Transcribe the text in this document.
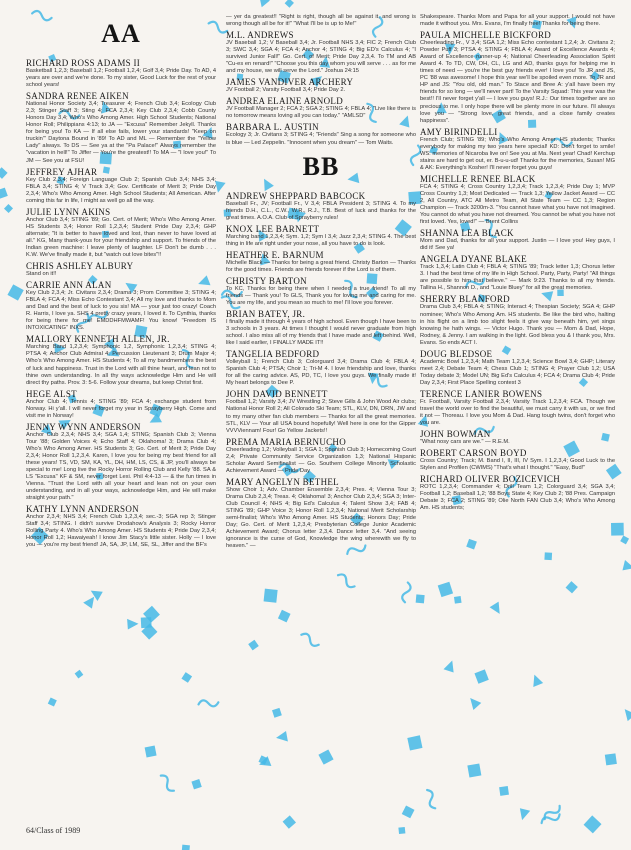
AA
RICHARD ROSS ADAMS II
Basketball 1,2,3; Baseball 1,2; Football 1,2,4; Golf 3,4; Pride Day. To AD, 4 years are over and we're done. To my sister, Good Luck for the rest of your school years!
SANDRA RENEE AIKEN
National Honor Society 3,4; Treasurer 4; French Club 3,4; Ecology Club 2,3; Stinger Staff 3; Sting 4; FCA 2,3,4; Key Club 2,3,4; Cobb County Honors Day 3,4; Who's Who Among Amer. High School Students; National Honor Roll; Philippians 4:13; to JA — "Excusa" Remember Jekyll. Thanks for being you! To KA — If all else fails, lower your standards! "Keep on truckin'" Daytona Bound in '89! To AD and ML — Remember the "Yellow Lady" always. To DS — See ya at the "Pa Palace!" Always remember the "vacation in hell!" To Jiffer — You're the greatest!! To MA — "I love you!" To JM — See you at FSU!
JEFFREY AJHAR
Key Club 2,3,4; Foreign Language Club 2; Spanish Club 3,4; NHS 3,4; FBLA 3,4; STING 4; V Track 3,4; Gov. Certificate of Merit 3; Pride Day 2,3,4; Who's Who Among Amer. High School Students; All American. After coming this far in life, I might as well go all the way.
JULIE LYNN AKINS
Anchor Club 3,4; STING '89; Go. Cert. of Merit; Who's Who Among Amer. HS Students 3,4; Honor Roll 1,2,3,4; Student Pride Day 2,3,4; GHP alternate; "It is better to have loved and lost, than never to have loved at all." KG, Many thank-yous for your friendship and support. To friends of the Indian green machine: I leave plenty of laughter. LF Don't be dumb . . . K.W. We've finally made it, but "watch out love bites"!!
CHRIS ASHLEY ALBURY
Stand on it!!
CARRIE ANN ALAN
Key Club 2,3,4; Jr. Civitans 2,3,4; Drama 3; Prom Committee 3; STING 4; FBLA 4; FCA 4; Miss Echo Contestant 3,4; All my love and thanks to Mom and Dad and the best of luck to you sis! MA — your just too crazy! Coach R. Harris, I love ya. SHS 4 pretty crazy years, I loved it. To Cynthia, thanks for being there for me! EMDDHFMWAMF! You know! "Freedom IS INTOXICATING" INXS.
MALLORY KENNETH ALLEN, JR.
Marching Band 1,2,3,4; Symphonic 1,2, Symphonic 1,2,3,4; STING 4; PTSA 4; Anchor Club Admiral 4; Percussion Lieutenant 3; Drum Major 4; Who's Who Among Amer. HS Students 4; To all my bandmembers the best of luck and happiness. Trust in the Lord with all thine heart, and lean not to thine own understanding. In all thy ways acknowledge Him and He will direct thy paths. Prov. 3: 5-6. Follow your dreams, but keep Christ first.
HEGE ALST
Anchor Club 4; Tennis 4; STING '89; FCA 4; exchange student from Norway. Hi y'all. I will never forget my year in Sprayberry High. Come and visit me in Norway!
JENNY WYNN ANDERSON
Anchor Club 2,3,4; NHS 3,4; SGA 1,4; STING; Spanish Club 3; Vienna Tour '88; Golden Voices 4; Echo Staff 4; Oklahoma! 3; Drama Club 4; Who's Who Among Amer. HS Students 3; Go. Cert. of Merit 3; Pride Day 2,3,4; Honor Roll 1,2,3,4. Karen, I love you for being my best friend for all these years! TS, VD, SM, KA, YL, DH, HM, LS, CS, & JP, you'll always be special to me! Long live the Rocky Horror Rolling Club and Kelly '88. SA & LS "Excusa" KF & SM, never forget Lexi. Phil 4:4-13 — & the fun times in Vienna. "Trust the Lord with all your heart and lean not on your own understanding, and in all your ways, acknowledge Him, and He will make straight your path."
KATHY LYNN ANDERSON
Anchor 2,3,4; NHS 3,4; French Club 1,2,3,4; sec.-3; SGA rep 3; Stinger Staff 3,4; STING. I didn't survive Drodahow's Analysis 3; Rocky Horror Rolling Party 4. Who's Who Among Amer. HS Students 4; Pride Day 2,3,4; Honor Roll 1,2; Hawaiyeah! I know Jim Stacy's little sister. Holly — I love you — you're my best friend! JA, SA, JP, LM, SE, SL, Jiffer and the BF's
— yer da greatest!! "Right is right, though all be against it, and wrong is wrong though all be for it!" "What I'll be is up to Me!"
M.L. ANDREWS
JV Baseball 1,2; V Baseball 3,4; Jr. Football NHS 3,4; FIC 2; French Club 3; SWC 3,4; SGA 4; FCA 4; Anchor 4; STING 4; Big ED's Calculus 4; "I survived Junior Fall!" Go. Cert. of Merit; Pride Day 2,3,4. To TM and AB "Cu-es en renard!" "Choose you this day whom you will serve . . . as for me and my house, we will serve the Lord." Joshua 24:15
JAMES VANDIVER ARCHERY
JV Football 2; Varsity Football 3,4; Pride Day 2.
ANDREA ELAINE ARNOLD
JV Football Manager 2; FCA 2; SGA 2; STING 4; FBLA 4; "Live like there is no tomorrow means loving all you can today." "AMLSD"
BARBARA L. AUSTIN
Ecology 3; Jr. Civitans 3; STING 4; "Friends" Sing a song for someone who is blue — Led Zeppelin. "Innocent when you dream" — Tom Waits.
BB
ANDREW SHEPPARD BABCOCK
Baseball Fr., JV; Football Fr., V 3,4; FBLA President 3; STING 4. To my friends D.H., C.L., C.W., W.R., R.J., T.B. Best of luck and thanks for the great times. A.O.A. Club of Sprayberry rules!
KNOX LEE BARNETT
Marching band 1,2,3,4; Sym. 1,2; Sym I 3,4; Jazz 2,3,4; STING 4. The best thing in life are right under your nose, all you have to do is look.
HEATHER E. BARNUM
Michelle Black — Thanks for being a great friend. Christy Barton — Thanks for the good times. Friends are friends forever if the Lord is of them.
CHRISTY BARTON
To KC, Thanks for being there when I needed a true friend! To all my friends — Thank you! To GLS, Thank you for loving me and caring for me. You are my life, and you mean so much to me! I'll love you forever.
BRIAN BATEY, JR.
I finally made it through 4 years of high school. Even though I have been to 3 schools in 3 years. At times I thought I would never graduate from high school. I also miss all of my friends that I have made and left behind. Well, like I said earlier, I FINALLY MADE IT!!
TANGELIA BEDFORD
Volleyball 1; French Club 3; Colorguard 3,4; Drama Club 4; FBLA 4; Spanish Club 4; PTSA; Choir 1; Tri-M 4. I love friendship and love, thanks for all the caring advice. AS, PD, TC, I love you guys. We finally made it! My heart belongs to Dee P.
JOHN DAVID BENNETT
Football 1,2; Varsity 3,4; JV Wrestling 2; Steve Gills & John Wood Air clubs; National Honor Roll 2; All Colorado Ski Team; STL, KLV, DN, DRN, JW and to my many other fan club members — Thanks for all the great memories. STL, KLV — Your all USA bound hopefully! Well here is one for the Gipper VVVViennam! Four! Go Yellow Jackets!!
PREMA MARIA BERNUCHO
Cheerleading 1,2; Volleyball 1; SGA 1; Spanish Club 3; Homecoming Court 2,4; Private Community Service Organization 1,3; National Hispanic Scholar Award Semifinalist — Go. Southern College Minority Scholastic Achievement Award — Pride Day
MARY ANGELYN BETHEL
Show Choir 1; Adv. Chamber Ensemble 2,3,4; Pres. 4; Vienna Tour 3; Drama Club 2,3,4; Treas. 4; Oklahoma! 3; Anchor Club 2,3,4; SGA 3; Inter-Club Council 4; NHS 4; Big Ed's Calculus 4; Talent Show 3,4; FAB 4; STING '89; GHP Voice 3; Honor Roll 1,2,3,4; National Merit Scholarship semi-finalist; Who's Who Among Amer. HS Students; Honors Day; Pride Day; Go. Cert. of Merit 1,2,3,4; Presbyterian College Junior Academic Achievement Award; Chorus letter 2,3,4. Dance letter 3,4. "And seeing ignorance is the curse of God, Knowledge the wing wherewith we fly to heaven." —
Shakespeare. Thanks Mom and Papa for all your support. I would not have made it without you. Mrs. Evans, I'm finally free! Thanks for being there.
PAULA MICHELLE BICKFORD
Cheerleading Fr., V 3,4; SGA 1,2; Miss Echo contestant 1,2,4; Jr. Civitans 2; Powder Puff 3; PTSA 4; STING 4; FBLA 4; Award of Excellence Awards 4; Award of Excellence runner-up 4; National Cheerleading Association Spirit Award 4. To TD, CW, DH, CL, LG and AD, thanks guys for helping me in times of need — you're the best guy friends ever! I love you! To JR and JS, PC '88 was awesome! I hope this year we'll be spoiled even more. To JR and HP and JS: "You old, old man." To Stace and Bree A: y'all have been my friends for so long — we'll never part! To the Varsity Squad: This year was the best!! I'll never forget y'all — I love you guys! R.J.: Our times together are so precious to me. I only hope there will be plenty more in our future. I'll always love you — "Strong love, great friends, and a close family creates happiness".
AMY BIRINDELLI
French Club; STING '89; Who's Who Among Amer. HS students; Thanks everybody for making my two years here special! KD: Don't forget to smile! WS: memories of Nicaroba live on! See you at Ma. Next year! Chad! Kerchup stains are hard to get out, er. B-u-u-ud! Thanks for the memories, Susan! MG & AK: Everything's Kosher! I'll never forget you guys!
MICHELLE RENEE BLACK
FCA 4; STING 4; Cross Country 1,2,3,4; Track 1,2,3,4; Pride Day 1; MVP Cross Country 1,3; Most Dedicated — Track 1,3; Yellow Jacket Award — CC 2, All Country, ATC All Metro Team, All State Team — CC 1,3; Region Champion — Track 3200m-3. "You cannot have what you have not imagined. You cannot do what you have not dreamed. You cannot be what you have not first loved. Yes, loved!" — Brent Collins
SHANNA LEA BLACK
Mom and Dad, thanks for all your support. Justin — I love you! Hey guys, I did it! See ya!
ANGELA DYANE BLAKE
Track 1,3,4; Latin Club 4; FBLA 4; STING '89; Track letter 1,3; Chorus letter 3. I had the best time of my life in High School. Party, Party, Party! "All things are possible to him that believe." — Mark 9:23. Thanks to all my friends. Tallina H., Shannon D., and "Louie Bluey" for all the great memories.
SHERRY BLANFORD
Drama Club 3,4; FBLA 4; STING; Interact 4; Thespian Society; SGA 4; GHP nominee; Who's Who Among Am. HS students. Be like the bird who, halting in his flight on a limb too slight feels it give way beneath him, yet sings knowing he hath wings. — Victor Hugo. Thank you — Mom & Dad, Hope, Rodney, & Jenny. I am walking in the light. God bless you & I thank you, Mrs. Evans. So ends ACT I.
DOUG BLEDSOE
Academic Bowl 1,2,3,4; Math Team 1,2,3,4; Science Bowl 3,4; GHP; Literary meet 2,4; Debate Team 4; Chess Club 1; STING 4; Prayer Club 1,2; USA Today debate 3; Model UN; Big Ed's Calculus 4; FCA 4; Drama Club 4; Pride Day 2,3,4; First Place Spelling contest 3
TERENCE LANIER BOWENS
Fr. Football, Varsity Football 2,3,4; Varsity Track 1,2,3,4; FCA. Though we travel the world over to find the beautiful, we must carry it with us, or we find it not — Thoreau. I love you Mom & Dad. Hang tough twins, don't forget who you are.
JOHN BOWMAN
"What nosy cars are we." — R.E.M.
ROBERT CARSON BOYD
Cross Country; Track; M. Band I, II, III, IV Sym. I 1,2,3,4; Good Luck to the Stylen and Profilen (CWIMS) "That's what I thought." "Easy, Bud!"
RICHARD OLIVER BOZICEVICH
ROTC 1,2,3,4; Commander 4; Drill Team 1,2; Colorguard 3,4; SGA 3,4; Football 1,2; Baseball 1,2; '88 Boys State 4; Key Club 2; '88 Pres. Campaign Debate 3; FCA 2; STING '89; Olie North FAN Club 3,4; Who's Who Among Am. HS students;
64/Class of 1989
